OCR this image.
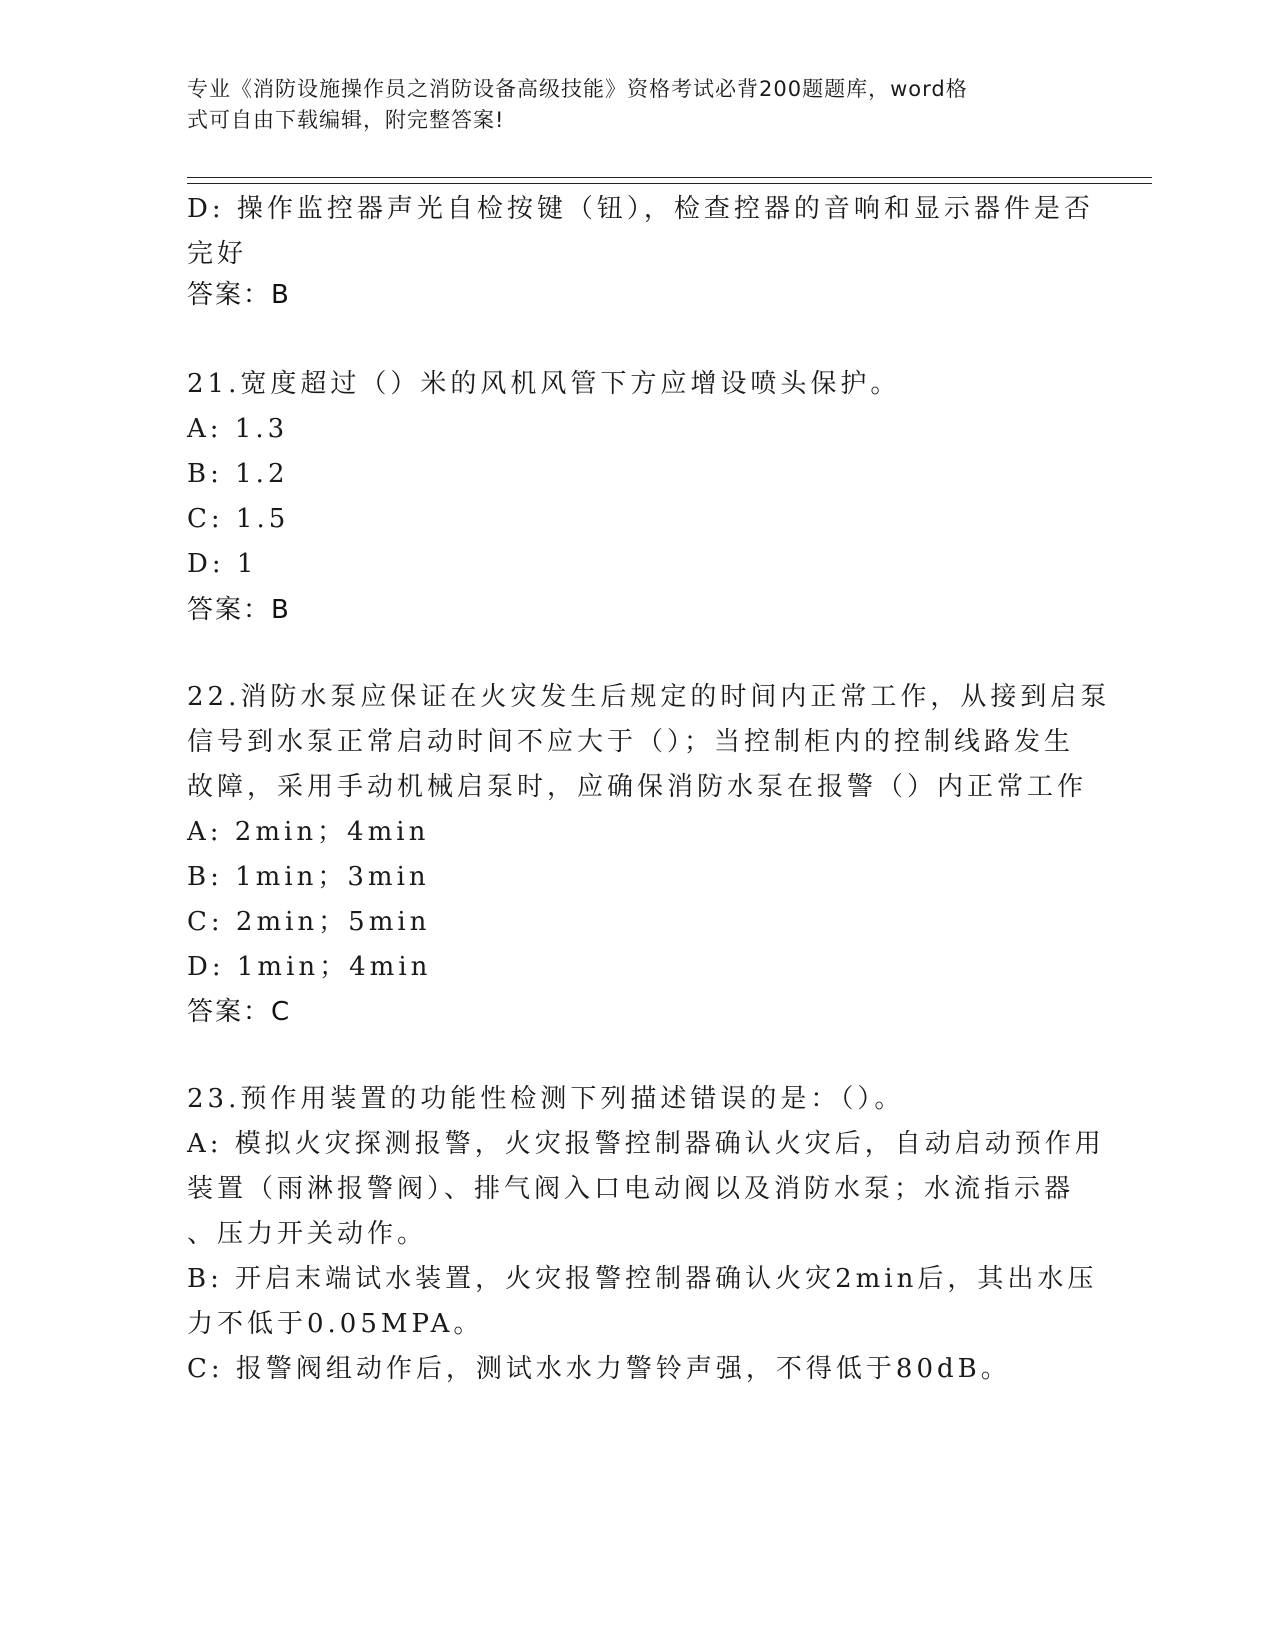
专业《消防设施操作员之消防设备高级技能》资格考试必背200题题库，word格
式可自由下载编辑，附完整答案!
D: 操作监控器声光自检按键（钮），检查控器的音响和显示器件是否
完好
答案：B
21.宽度超过（）米的风机风管下方应增设喷头保护。
A: 1.3
B: 1.2
C: 1.5
D: 1
答案：B
22.消防水泵应保证在火灾发生后规定的时间内正常工作，从接到启泵
信号到水泵正常启动时间不应大于（）；当控制柜内的控制线路发生
故障，采用手动机械启泵时，应确保消防水泵在报警（）内正常工作
A: 2min；4min
B: 1min；3min
C: 2min；5min
D: 1min；4min
答案：C
23.预作用装置的功能性检测下列描述错误的是：（）。
A: 模拟火灾探测报警，火灾报警控制器确认火灾后，自动启动预作用
装置（雨淋报警阀）、排气阀入口电动阀以及消防水泵；水流指示器
、压力开关动作。
B: 开启末端试水装置，火灾报警控制器确认火灾2min后，其出水压
力不低于0.05MPA。
C: 报警阀组动作后，测试水水力警铃声强，不得低于80dB。
